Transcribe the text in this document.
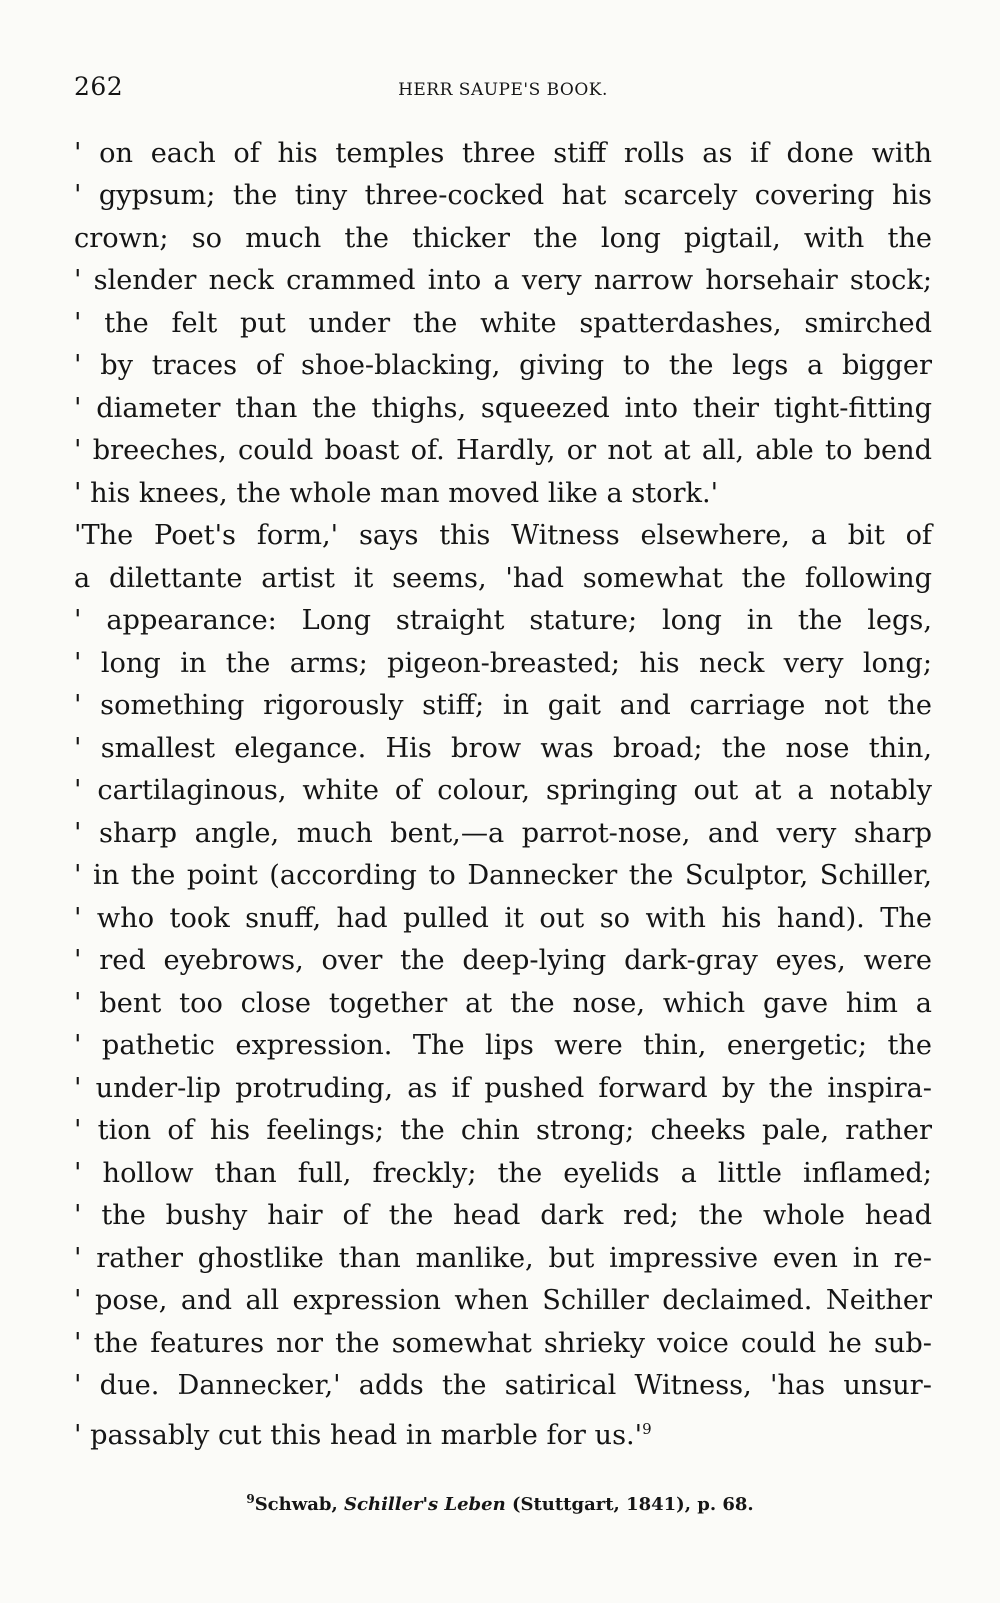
262	HERR SAUPE'S BOOK.
' on each of his temples three stiff rolls as if done with
' gypsum; the tiny three-cocked hat scarcely covering his
crown; so much the thicker the long pigtail, with the
' slender neck crammed into a very narrow horsehair stock;
' the felt put under the white spatterdashes, smirched
' by traces of shoe-blacking, giving to the legs a bigger
' diameter than the thighs, squeezed into their tight-fitting
' breeches, could boast of. Hardly, or not at all, able to bend
' his knees, the whole man moved like a stork.'
'The Poet's form,' says this Witness elsewhere, a bit of
a dilettante artist it seems, 'had somewhat the following
' appearance: Long straight stature; long in the legs,
' long in the arms; pigeon-breasted; his neck very long;
' something rigorously stiff; in gait and carriage not the
' smallest elegance. His brow was broad; the nose thin,
' cartilaginous, white of colour, springing out at a notably
' sharp angle, much bent,—a parrot-nose, and very sharp
' in the point (according to Dannecker the Sculptor, Schiller,
' who took snuff, had pulled it out so with his hand). The
' red eyebrows, over the deep-lying dark-gray eyes, were
' bent too close together at the nose, which gave him a
' pathetic expression. The lips were thin, energetic; the
' under-lip protruding, as if pushed forward by the inspira-
' tion of his feelings; the chin strong; cheeks pale, rather
' hollow than full, freckly; the eyelids a little inflamed;
' the bushy hair of the head dark red; the whole head
' rather ghostlike than manlike, but impressive even in re-
' pose, and all expression when Schiller declaimed. Neither
' the features nor the somewhat shrieky voice could he sub-
' due. Dannecker,' adds the satirical Witness, 'has unsur-
' passably cut this head in marble for $us.'^9$
$^9$Schwab, Schiller's Leben (Stuttgart, 1841), p. 68.
